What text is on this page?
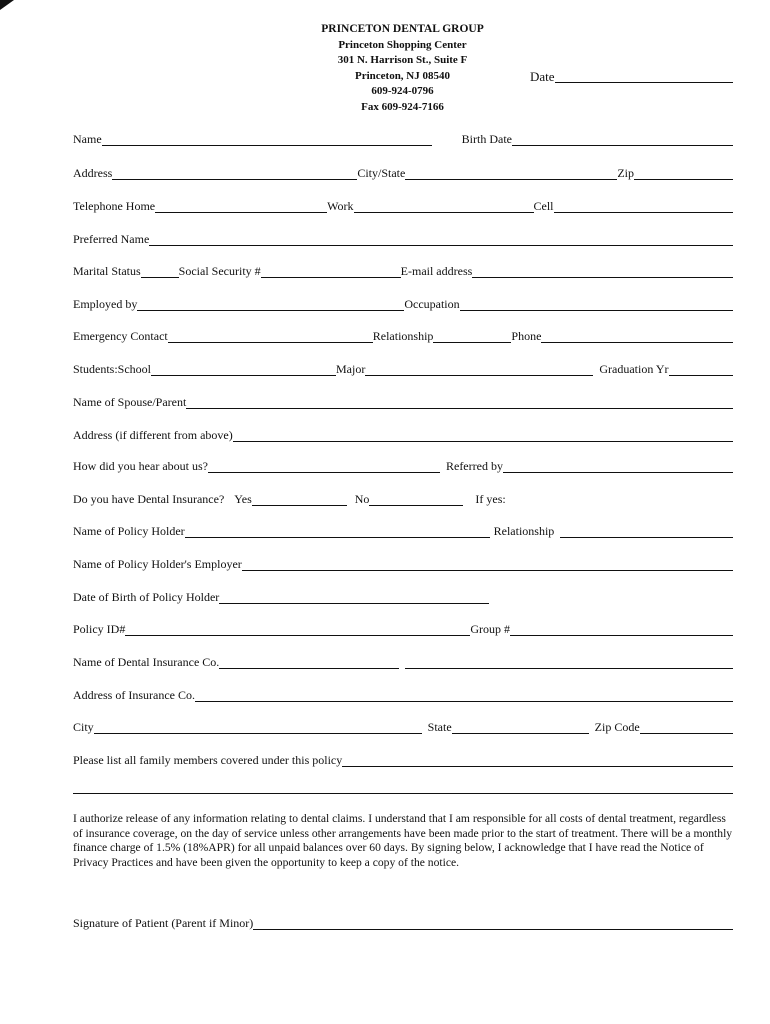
PRINCETON DENTAL GROUP
Princeton Shopping Center
301 N. Harrison St., Suite F
Princeton, NJ 08540
609-924-0796
Fax 609-924-7166
Date
Name	Birth Date
Address	City/State	Zip
Telephone Home	Work	Cell
Preferred Name
Marital Status	Social Security #	E-mail address
Employed by	Occupation
Emergency Contact	Relationship	Phone
Students:School	Major	Graduation Yr
Name of Spouse/Parent
Address (if different from above)
How did you hear about us?	Referred by
Do you have Dental Insurance? Yes	No	If yes:
Name of Policy Holder	Relationship
Name of Policy Holder's Employer
Date of Birth of Policy Holder
Policy ID#	Group #
Name of Dental Insurance Co.
Address of Insurance Co.
City	State	Zip Code
Please list all family members covered under this policy

I authorize release of any information relating to dental claims. I understand that I am responsible for all costs of dental treatment, regardless of insurance coverage, on the day of service unless other arrangements have been made prior to the start of treatment. There will be a monthly finance charge of 1.5% (18%APR) for all unpaid balances over 60 days. By signing below, I acknowledge that I have read the Notice of Privacy Practices and have been given the opportunity to keep a copy of the notice.

Signature of Patient (Parent if Minor)
